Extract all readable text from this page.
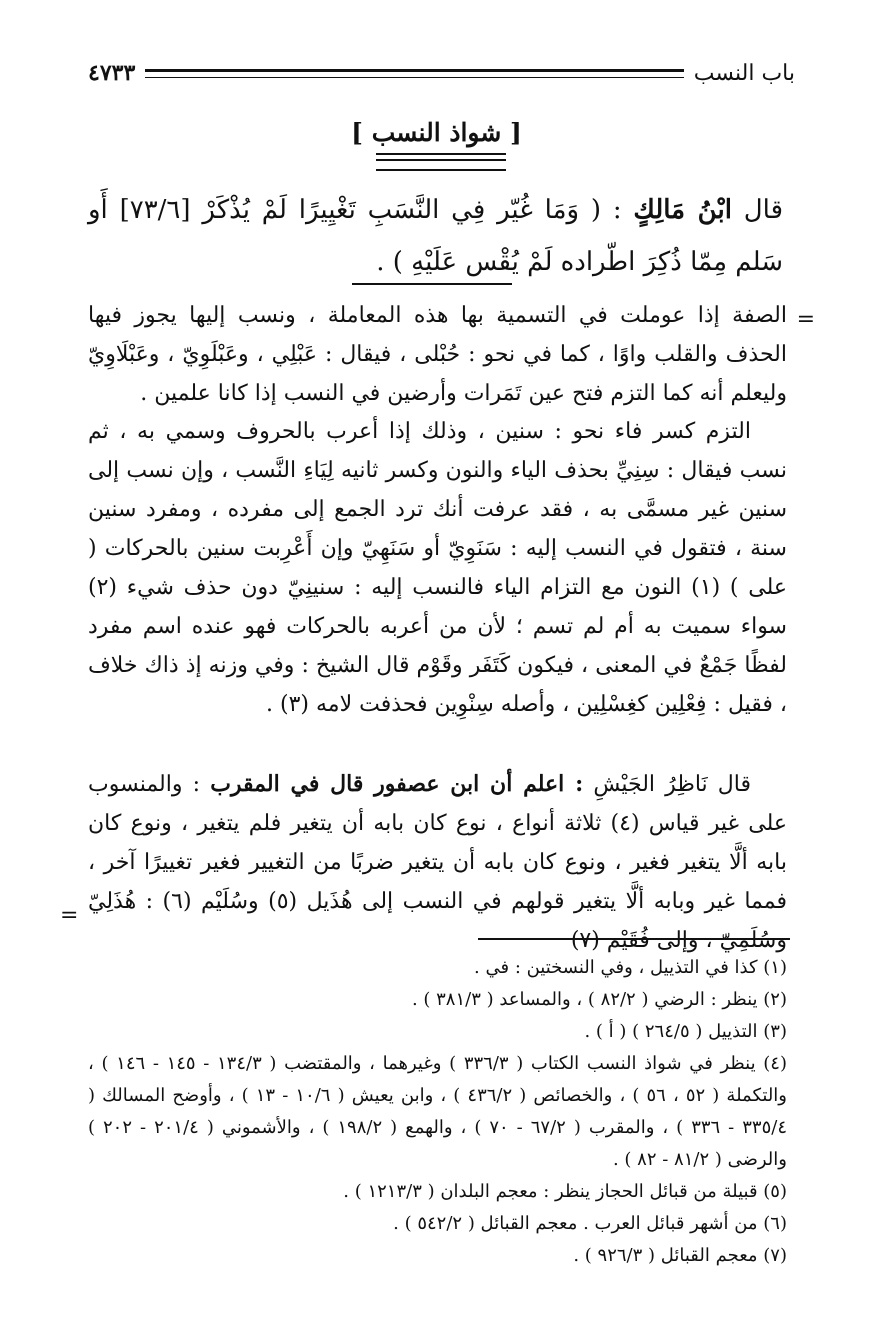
باب النسب
٤٧٣٣
[ شواذ النسب ]
قال ابْنُ مَالِكٍ : ( وَمَا غُيّر فِي النَّسَبِ تَغْيِيرًا لَمْ يُذْكَرْ [٧٣/٦] أَو سَلم مِمّا ذُكِرَ اطّراده لَمْ يُقْس عَلَيْهِ ) .
=
الصفة إذا عوملت في التسمية بها هذه المعاملة ، ونسب إليها يجوز فيها الحذف والقلب واوًا ، كما في نحو : حُبْلى ، فيقال : عَبْلِي ، وعَبْلَوِيّ ، وعَبْلَاوِيّ وليعلم أنه كما التزم فتح عين تَمَرات وأرضين في النسب إذا كانا علمين .
التزم كسر فاء نحو : سنين ، وذلك إذا أعرب بالحروف وسمي به ، ثم نسب فيقال : سِنِيِّ بحذف الياء والنون وكسر ثانيه لِيَاءِ النَّسب ، وإن نسب إلى سنين غير مسمَّى به ، فقد عرفت أنك ترد الجمع إلى مفرده ، ومفرد سنين سنة ، فتقول في النسب إليه : سَنَوِيّ أو سَنَهِيّ وإن أَعْرِبت سنين بالحركات ( على ) (١) النون مع التزام الياء فالنسب إليه : سنينِيّ دون حذف شيء (٢) سواء سميت به أم لم تسم ؛ لأن من أعربه بالحركات فهو عنده اسم مفرد لفظًا جَمْعٌ في المعنى ، فيكون كَتَفَر وقَوْم قال الشيخ : وفي وزنه إذ ذاك خلاف ، فقيل : فِعْلِين كغِسْلِين ، وأصله سِنْوِين فحذفت لامه (٣) .
قال نَاظِرُ الجَيْشِ : اعلم أن ابن عصفور قال في المقرب : والمنسوب على غير قياس (٤) ثلاثة أنواع ، نوع كان بابه أن يتغير فلم يتغير ، ونوع كان بابه ألَّا يتغير فغير ، ونوع كان بابه أن يتغير ضربًا من التغيير فغير تغييرًا آخر ، فمما غير وبابه ألَّا يتغير قولهم في النسب إلى هُذَيل (٥) وسُلَيْم (٦) : هُذَلِيّ وسُلَمِيّ ، وإلى فُقَيْم (٧)
=
(١) كذا في التذييل ، وفي النسختين : في .
(٢) ينظر : الرضي ( ٨٢/٢ ) ، والمساعد ( ٣٨١/٣ ) .
(٣) التذييل ( ٢٦٤/٥ ) ( أ ) .
(٤) ينظر في شواذ النسب الكتاب ( ٣٣٦/٣ ) وغيرهما ، والمقتضب ( ١٣٤/٣ - ١٤٥ - ١٤٦ ) ، والتكملة ( ٥٢ ، ٥٦ ) ، والخصائص ( ٤٣٦/٢ ) ، وابن يعيش ( ١٠/٦ - ١٣ ) ، وأوضح المسالك ( ٣٣٥/٤ - ٣٣٦ ) ، والمقرب ( ٦٧/٢ - ٧٠ ) ، والهمع ( ١٩٨/٢ ) ، والأشموني ( ٢٠١/٤ - ٢٠٢ ) والرضى ( ٨١/٢ - ٨٢ ) .
(٥) قبيلة من قبائل الحجاز ينظر : معجم البلدان ( ١٢١٣/٣ ) .
(٦) من أشهر قبائل العرب . معجم القبائل ( ٥٤٢/٢ ) .
(٧) معجم القبائل ( ٩٢٦/٣ ) .
